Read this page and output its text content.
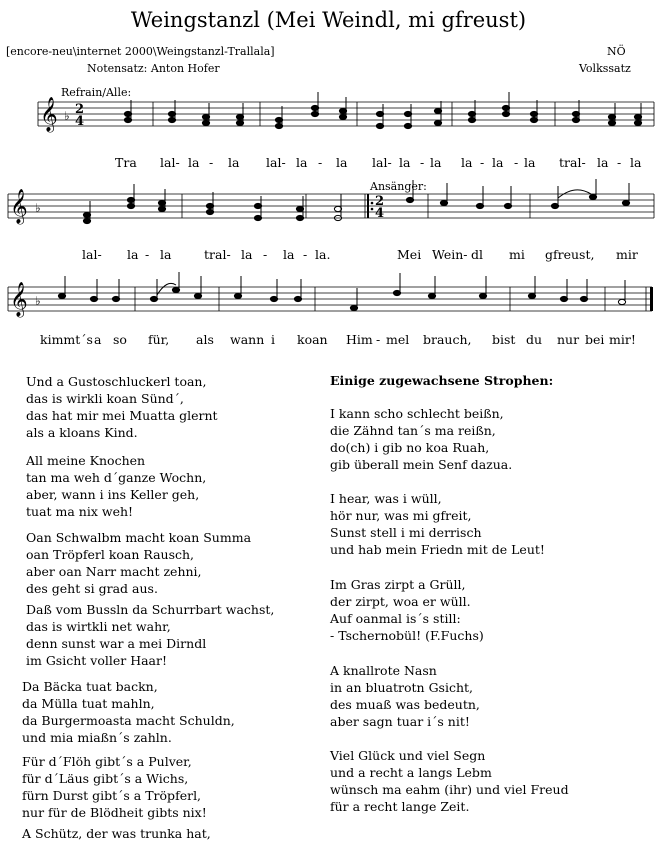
Weingstanzl (Mei Weindl, mi gfreust)
[encore-neu\internet 2000\Weingstanzl-Trallala]
Notensatz: Anton Hofer
NÖ
Volkssatz
Refrain/Alle:
Ansänger:
𝄞 ♭ 2
4
Tra lal- la - la lal- la - la lal- la - la la - la - la tral- la - la
𝄞 ♭	2
4
lal- la - la	tral- la - la - la.	Mei Wein- dl mi gfreust, mir
𝄞 ♭
kimmt´s a so für, als wann i koan Him - mel brauch, bist du nur bei mir!
Und a Gustoschluckerl toan,
das is wirkli koan Sünd´,
das hat mir mei Muatta glernt
als a kloans Kind.
All meine Knochen
tan ma weh d´ganze Wochn,
aber, wann i ins Keller geh,
tuat ma nix weh!
Oan Schwalbm macht koan Summa
oan Tröpferl koan Rausch,
aber oan Narr macht zehni,
des geht si grad aus.
Daß vom Bussln da Schurrbart wachst,
das is wirtkli net wahr,
denn sunst war a mei Dirndl
im Gsicht voller Haar!
Da Bäcka tuat backn,
da Mülla tuat mahln,
da Burgermoasta macht Schuldn,
und mia miaßn´s zahln.
Für d´Flöh gibt´s a Pulver,
für d´Läus gibt´s a Wichs,
fürn Durst gibt´s a Tröpferl,
nur für de Blödheit gibts nix!
A Schütz, der was trunka hat,
Einige zugewachsene Strophen:
I kann scho schlecht beißn,
die Zähnd tan´s ma reißn,
do(ch) i gib no koa Ruah,
gib überall mein Senf dazua.
I hear, was i wüll,
hör nur, was mi gfreit,
Sunst stell i mi derrisch
und hab mein Friedn mit de Leut!
Im Gras zirpt a Grüll,
der zirpt, woa er wüll.
Auf oanmal is´s still:
- Tschernobül! (F.Fuchs)
A knallrote Nasn
in an bluatrotn Gsicht,
des muaß was bedeutn,
aber sagn tuar i´s nit!
Viel Glück und viel Segn
und a recht a langs Lebm
wünsch ma eahm (ihr) und viel Freud
für a recht lange Zeit.
